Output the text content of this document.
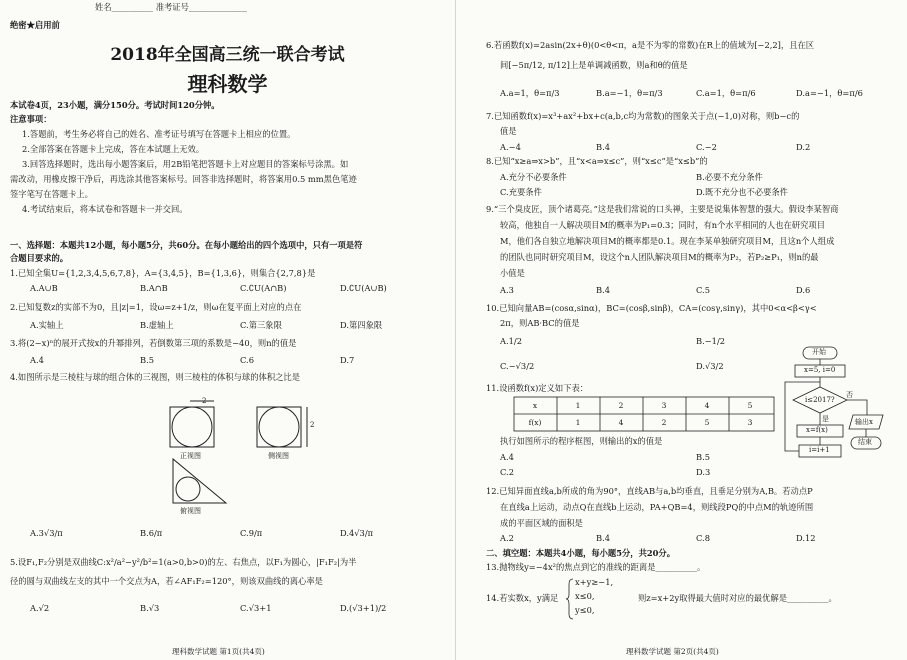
姓名__________ 准考证号______________
绝密★启用前
2018年全国高三统一联合考试
理科数学
本试卷4页，23小题，满分150分。考试时间120分钟。
注意事项：
1.答题前，考生务必将自己的姓名、准考证号填写在答题卡上相应的位置。
2.全部答案在答题卡上完成，答在本试题上无效。
3.回答选择题时，选出每小题答案后，用2B铅笔把答题卡上对应题目的答案标号涂黑。如
需改动，用橡皮擦干净后，再选涂其他答案标号。回答非选择题时，将答案用0.5 mm黑色笔迹
签字笔写在答题卡上。
4.考试结束后，将本试卷和答题卡一并交回。
一、选择题：本题共12小题，每小题5分，共60分。在每小题给出的四个选项中，只有一项是符
合题目要求的。
1.已知全集U={1,2,3,4,5,6,7,8}，A={3,4,5}，B={1,3,6}，则集合{2,7,8}是
A.A∪B	B.A∩B	C.∁U(A∩B)	D.∁U(A∪B)
2.已知复数z的实部不为0，且|z|=1，设ω=z+1/z，则ω在复平面上对应的点在
A.实轴上	B.虚轴上	C.第三象限	D.第四象限
3.将(2−x)ⁿ的展开式按x的升幂排列，若倒数第三项的系数是−40，则n的值是
A.4	B.5	C.6	D.7
4.如图所示是三棱柱与球的组合体的三视图，则三棱柱的体积与球的体积之比是
2
2
正视图	侧视图
俯视图
A.3√3/π	B.6/π	C.9/π	D.4√3/π
5.设F₁,F₂分别是双曲线C:x²/a²−y²/b²=1(a>0,b>0)的左、右焦点，以F₁为圆心，|F₁F₂|为半
径的圆与双曲线左支的其中一个交点为A，若∠AF₁F₂=120°，则该双曲线的离心率是
A.√2	B.√3	C.√3+1	D.(√3+1)/2
理科数学试题 第1页(共4页)
6.若函数f(x)=2asin(2x+θ)(0<θ<π，a是不为零的常数)在R上的值域为[−2,2]，且在区
间[−5π/12, π/12]上是单调减函数，则a和θ的值是
A.a=1，θ=π/3	B.a=−1，θ=π/3	C.a=1，θ=π/6	D.a=−1，θ=π/6
7.已知函数f(x)=x³+ax²+bx+c(a,b,c均为常数)的图象关于点(−1,0)对称，则b−c的
值是
A.−4	B.4	C.−2	D.2
8.已知“x≥a⇒x>b”，且“x<a⇒x≤c”，则“x≤c”是“x≤b”的
A.充分不必要条件	B.必要不充分条件
C.充要条件	D.既不充分也不必要条件
9.“三个臭皮匠，顶个诸葛亮。”这是我们常说的口头禅，主要是说集体智慧的强大。假设李某智商
较高，他独自一人解决项目M的概率为P₁=0.3；同时，有n个水平相同的人也在研究项目
M，他们各自独立地解决项目M的概率都是0.1。现在李某单独研究项目M，且这n个人组成
的团队也同时研究项目M，设这个n人团队解决项目M的概率为P₂，若P₂≥P₁，则n的最
小值是
A.3	B.4	C.5	D.6
10.已知向量AB=(cosα,sinα)，BC=(cosβ,sinβ)，CA=(cosγ,sinγ)，其中0<α<β<γ<
2π，则AB·BC的值是
A.1/2	B.−1/2
C.−√3/2	D.√3/2
11.设函数f(x)定义如下表：
x	1	2	3	4	5
f(x)	1	4	2	5	3
执行如图所示的程序框图，则输出的x的值是
A.4	B.5
C.2	D.3
开始
x=5, i=0
i≤2017?
否
是
x=f(x)
i=i+1
输出x
结束
12.已知异面直线a,b所成的角为90°，直线AB与a,b均垂直，且垂足分别为A,B。若动点P
在直线a上运动，动点Q在直线b上运动，PA+QB=4，则线段PQ的中点M的轨迹所围
成的平面区域的面积是
A.2	B.4	C.8	D.12
二、填空题：本题共4小题，每小题5分，共20分。
13.抛物线y=−4x²的焦点到它的准线的距离是__________。
14.若实数x，y满足
x+y≥−1,
x≤0,
y≤0,
则z=x+2y取得最大值时对应的最优解是__________。
理科数学试题 第2页(共4页)
